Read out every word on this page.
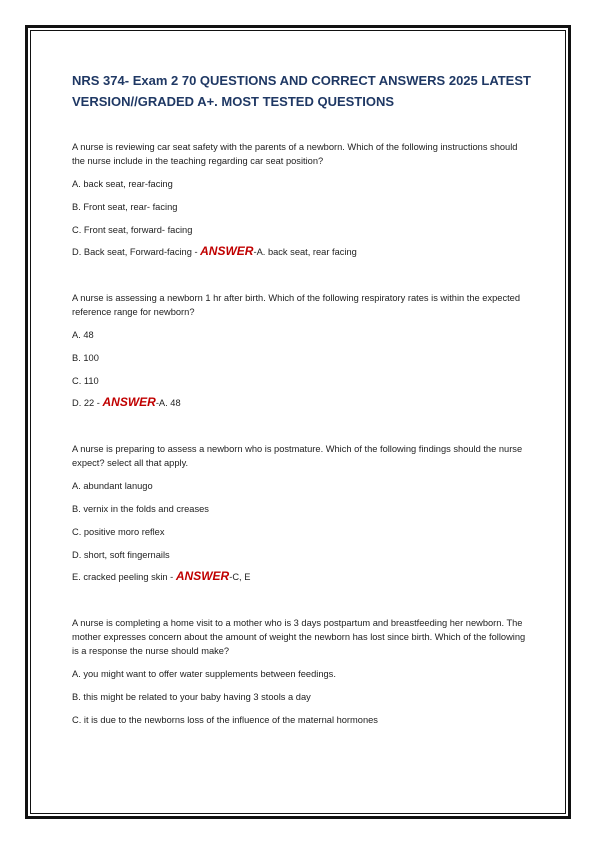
NRS 374- Exam 2 70 QUESTIONS AND CORRECT ANSWERS 2025 LATEST VERSION//GRADED A+. MOST TESTED QUESTIONS

A nurse is reviewing car seat safety with the parents of a newborn. Which of the following instructions should the nurse include in the teaching regarding car seat position?

A. back seat, rear-facing

B. Front seat, rear- facing

C. Front seat, forward- facing

D. Back seat, Forward-facing - ANSWER-A. back seat, rear facing

A nurse is assessing a newborn 1 hr after birth. Which of the following respiratory rates is within the expected reference range for newborn?

A. 48

B. 100

C. 110

D. 22 - ANSWER-A. 48

A nurse is preparing to assess a newborn who is postmature. Which of the following findings should the nurse expect? select all that apply.

A. abundant lanugo

B. vernix in the folds and creases

C. positive moro reflex

D. short, soft fingernails

E. cracked peeling skin - ANSWER-C, E

A nurse is completing a home visit to a mother who is 3 days postpartum and breastfeeding her newborn. The mother expresses concern about the amount of weight the newborn has lost since birth. Which of the following is a response the nurse should make?

A. you might want to offer water supplements between feedings.

B. this might be related to your baby having 3 stools a day

C. it is due to the newborns loss of the influence of the maternal hormones
